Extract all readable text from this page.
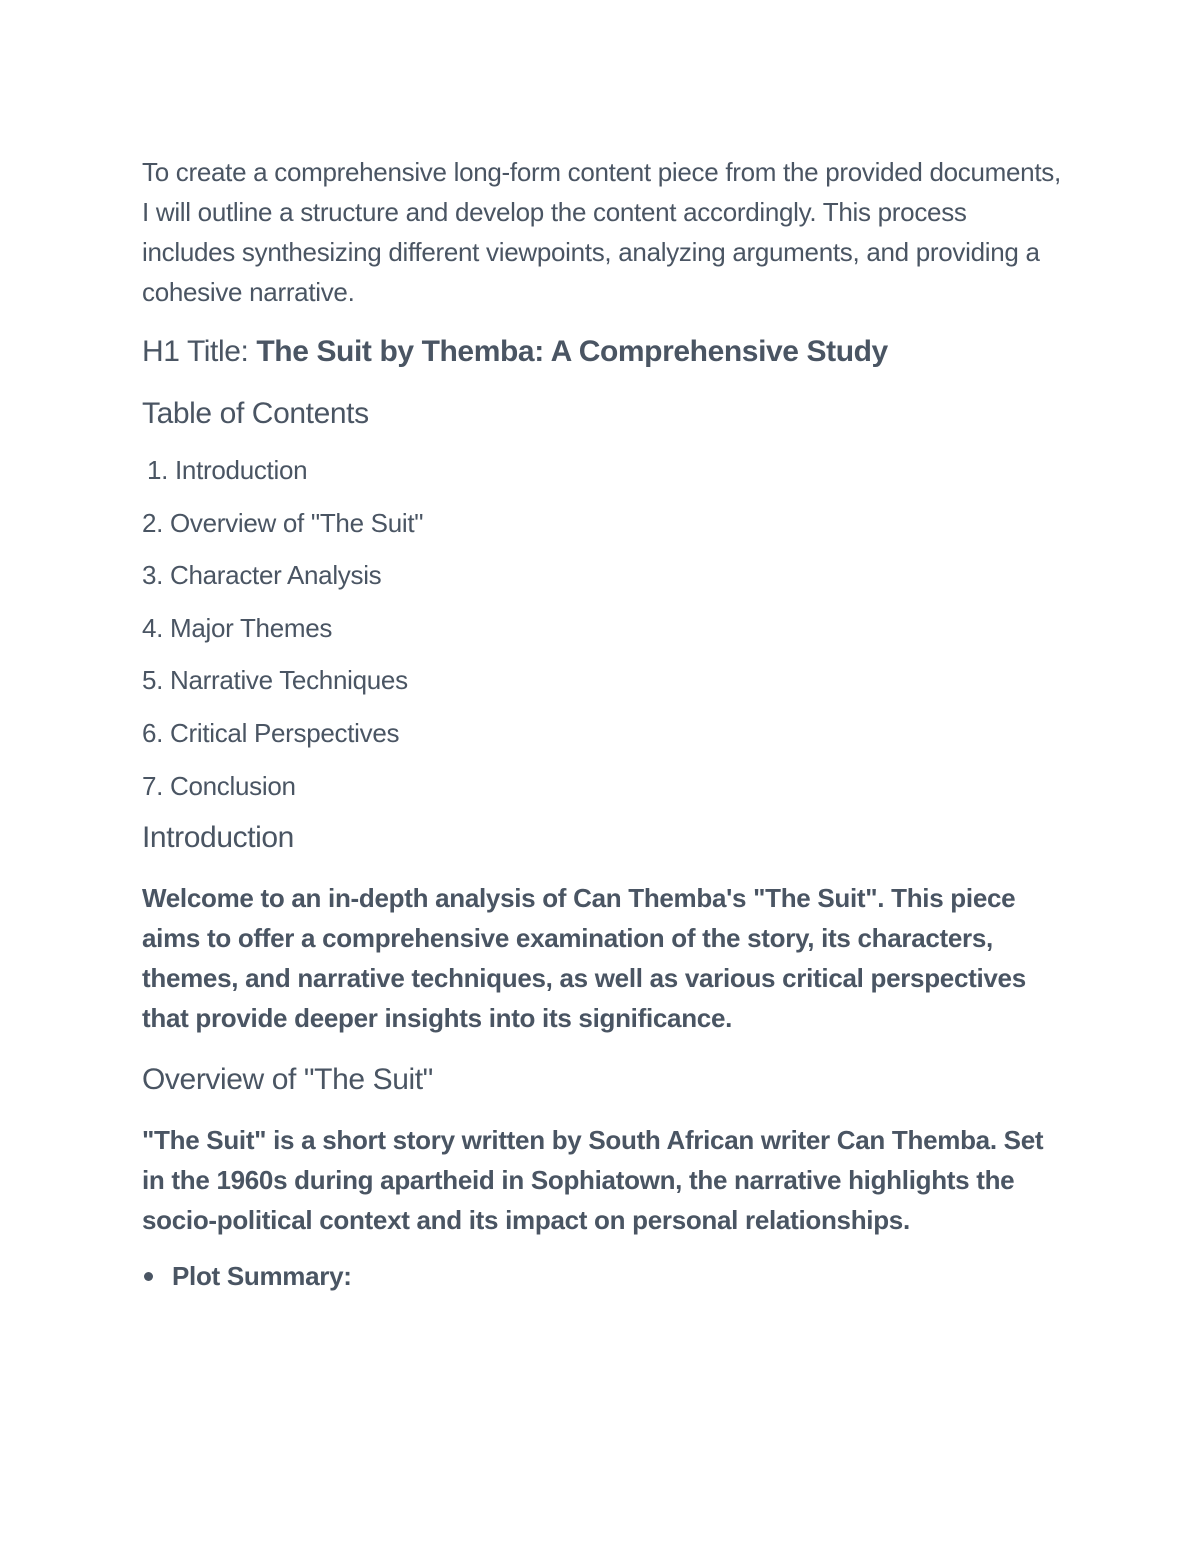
To create a comprehensive long-form content piece from the provided documents, I will outline a structure and develop the content accordingly. This process includes synthesizing different viewpoints, analyzing arguments, and providing a cohesive narrative.

H1 Title: The Suit by Themba: A Comprehensive Study
Table of Contents
1. Introduction
2. Overview of "The Suit"
3. Character Analysis
4. Major Themes
5. Narrative Techniques
6. Critical Perspectives
7. Conclusion
Introduction

Welcome to an in-depth analysis of Can Themba's "The Suit". This piece aims to offer a comprehensive examination of the story, its characters, themes, and narrative techniques, as well as various critical perspectives that provide deeper insights into its significance.

Overview of "The Suit"

"The Suit" is a short story written by South African writer Can Themba. Set in the 1960s during apartheid in Sophiatown, the narrative highlights the socio-political context and its impact on personal relationships.

Plot Summary:
